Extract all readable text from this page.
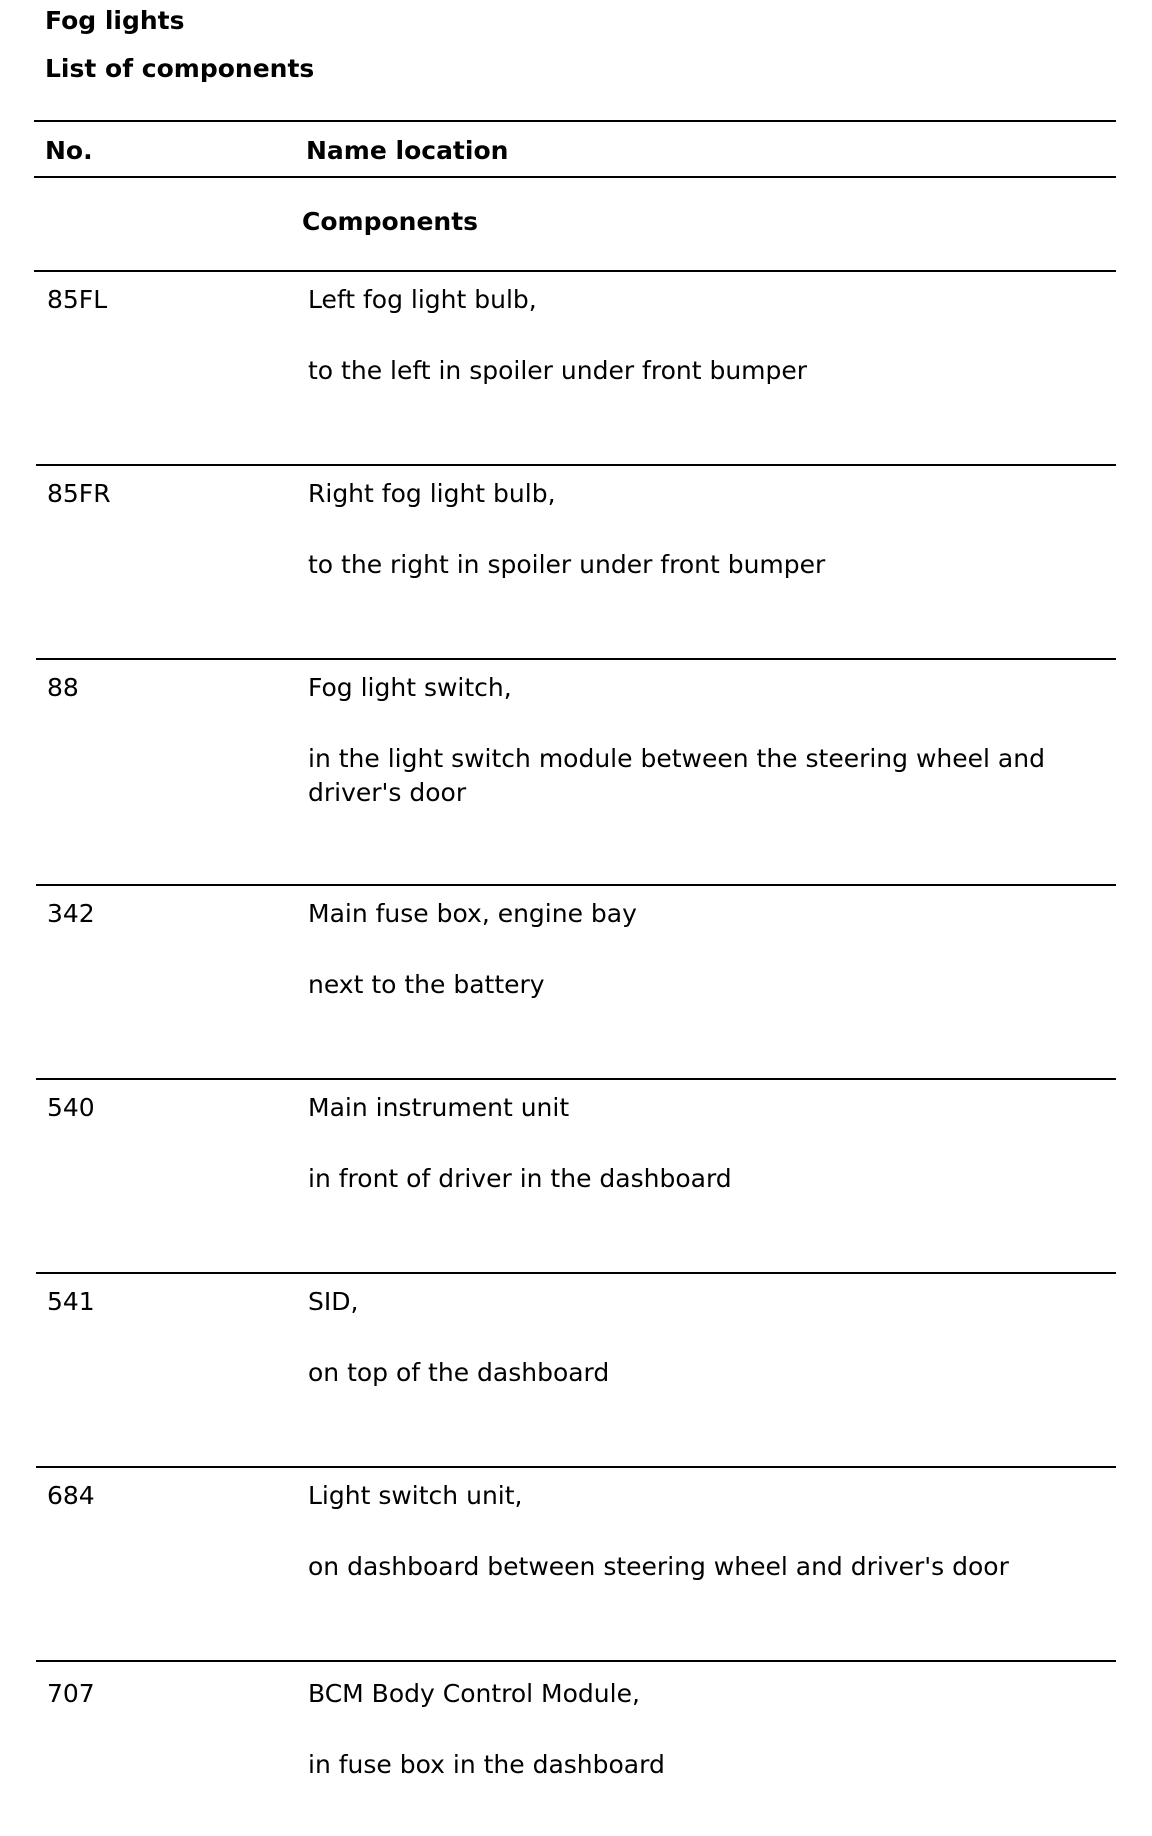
Fog lights
List of components
No.	Name location
Components
85FL	Left fog light bulb,
to the left in spoiler under front bumper
85FR	Right fog light bulb,
to the right in spoiler under front bumper
88	Fog light switch,
in the light switch module between the steering wheel and driver's door
342	Main fuse box, engine bay
next to the battery
540	Main instrument unit
in front of driver in the dashboard
541	SID,
on top of the dashboard
684	Light switch unit,
on dashboard between steering wheel and driver's door
707	BCM Body Control Module,
in fuse box in the dashboard
